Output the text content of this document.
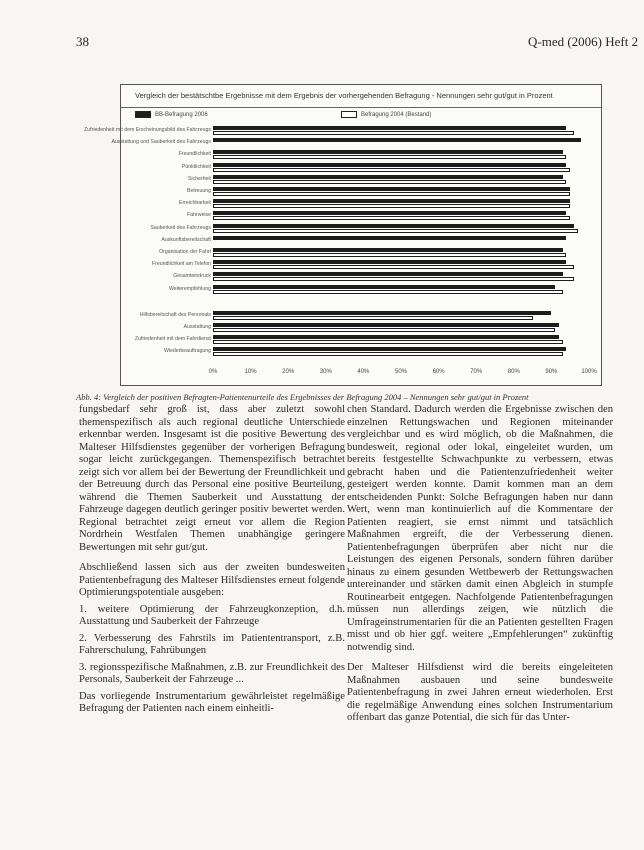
38	Q-med (2006) Heft 2
Vergleich der bestätschtbe Ergebnisse mit dem Ergebnis der vorhergehenden Befragung - Nennungen sehr gut/gut in Prozent
BB-Befragung 2006	Befragung 2004 (Bestand)
Zufriedenheit mit dem Erscheinungsbild des Fahrzeugs
Ausstattung und Sauberkeit des Fahrzeugs
Freundlichkeit
Pünktlichkeit
Sicherheit
Betreuung
Erreichbarkeit
Fahrweise
Sauberkeit des Fahrzeugs
Auskunftsbereitschaft
Organisation der Fahrt
Freundlichkeit am Telefon
Gesamteindruck
Weiterempfehlung
Hilfsbereitschaft des Personals
Ausstattung
Zufriedenheit mit dem Fahrdienst
Wiederbeauftragung
0%	10%	20%	30%	40%	50%	60%	70%	80%	90%	100%
Abb. 4: Vergleich der positiven Befragten-Patientenurteile des Ergebnisses der Befragung 2004 – Nennungen sehr gut/gut in Prozent

fungsbedarf sehr groß ist, dass aber zuletzt sowohl themenspezifisch als auch regional deutliche Unterschiede erkennbar werden. Insgesamt ist die positive Bewertung des Malteser Hilfsdienstes gegenüber der vorherigen Befragung sogar leicht zurückgegangen. Themenspezifisch betrachtet zeigt sich vor allem bei der Bewertung der Freundlichkeit und der Betreuung durch das Personal eine positive Beurteilung, während die Themen Sauberkeit und Ausstattung der Fahrzeuge dagegen deutlich geringer positiv bewertet werden. Regional betrachtet zeigt erneut vor allem die Region Nordrhein Westfalen Themen unabhängige geringere Bewertungen mit sehr gut/gut.

Abschließend lassen sich aus der zweiten bundesweiten Patientenbefragung des Malteser Hilfsdienstes erneut folgende Optimierungspotentiale ausgeben:

1. weitere Optimierung der Fahrzeugkonzeption, d.h. Ausstattung und Sauberkeit der Fahrzeuge

2. Verbesserung des Fahrstils im Patiententransport, z.B. Fahrerschulung, Fahrübungen

3. regionsspezifische Maßnahmen, z.B. zur Freundlichkeit des Personals, Sauberkeit der Fahrzeuge ...

Das vorliegende Instrumentarium gewährleistet regelmäßige Befragung der Patienten nach einem einheitli-

chen Standard. Dadurch werden die Ergebnisse zwischen den einzelnen Rettungswachen und Regionen miteinander vergleichbar und es wird möglich, ob die Maßnahmen, die bundesweit, regional oder lokal, eingeleitet wurden, um bereits festgestellte Schwachpunkte zu verbessern, etwas gebracht haben und die Patientenzufriedenheit weiter gesteigert werden konnte. Damit kommen man an dem entscheidenden Punkt: Solche Befragungen haben nur dann Wert, wenn man kontinuierlich auf die Kommentare der Patienten reagiert, sie ernst nimmt und tatsächlich Maßnahmen ergreift, die der Verbesserung dienen. Patientenbefragungen überprüfen aber nicht nur die Leistungen des eigenen Personals, sondern führen darüber hinaus zu einem gesunden Wettbewerb der Rettungswachen untereinander und stärken damit einen Abgleich in stumpfe Routinearbeit entgegen. Nachfolgende Patientenbefragungen müssen nun allerdings zeigen, wie nützlich die Umfrageinstrumentarien für die an Patienten gestellten Fragen misst und ob hier ggf. weitere „Empfehlerungen“ zukünftig notwendig sind.

Der Malteser Hilfsdienst wird die bereits eingeleiteten Maßnahmen ausbauen und seine bundesweite Patientenbefragung in zwei Jahren erneut wiederholen. Erst die regelmäßige Anwendung eines solchen Instrumentarium offenbart das ganze Potential, die sich für das Unter-
